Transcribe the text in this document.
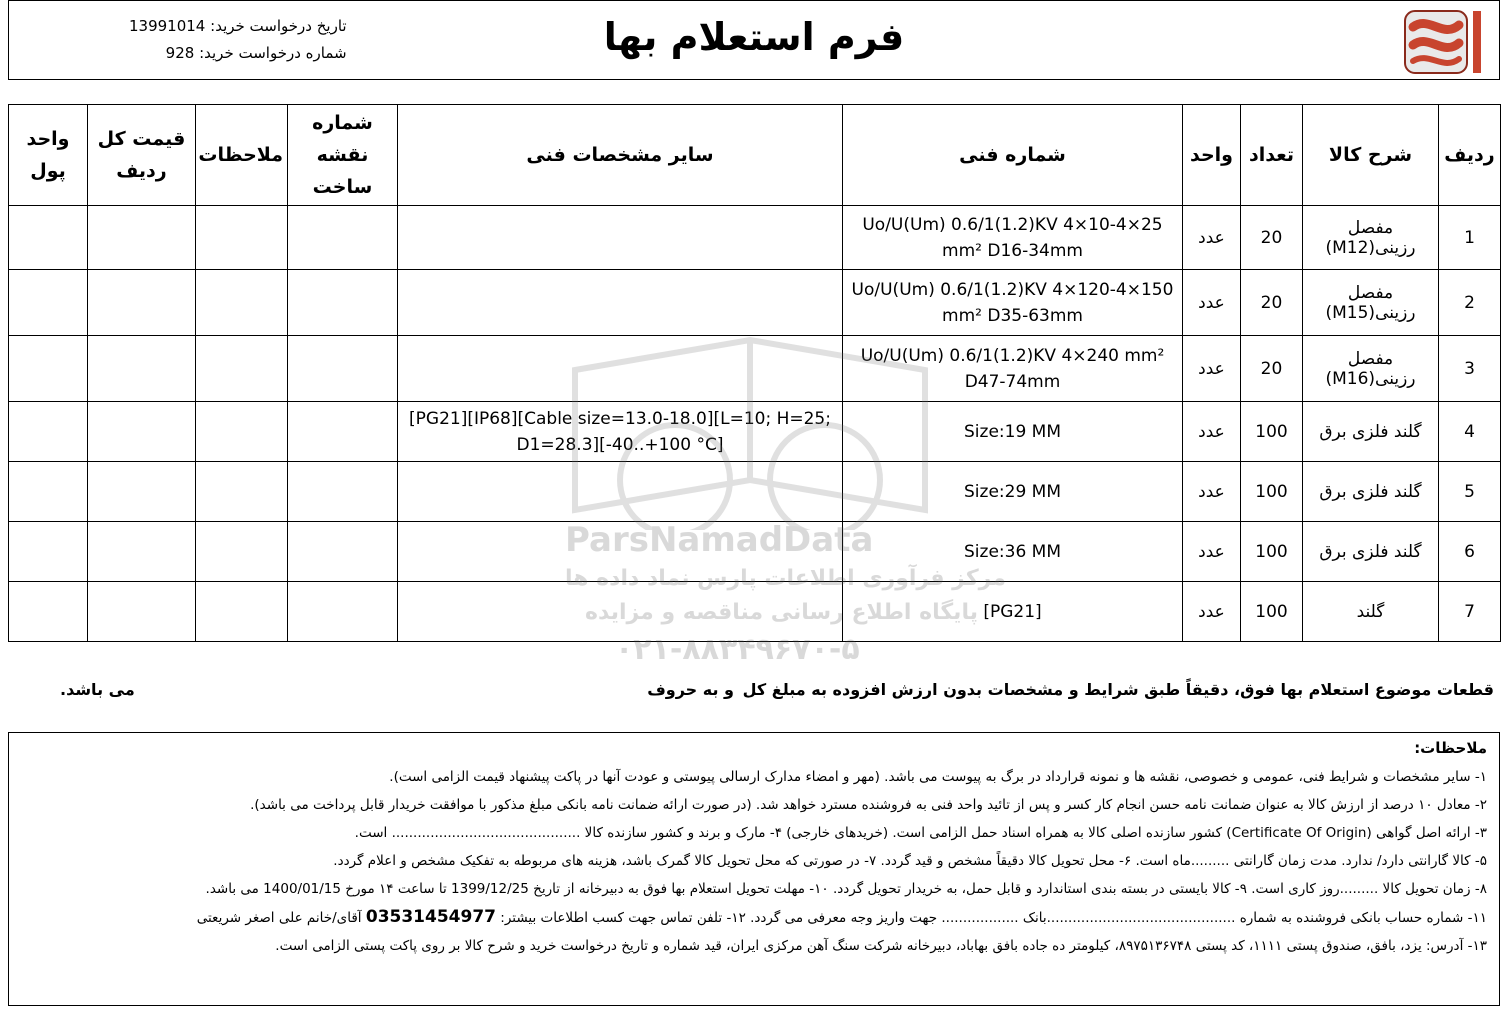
فرم استعلام بها
تاریخ درخواست خرید: 13991014
شماره درخواست خرید: 928
ردیف	شرح کالا	تعداد	واحد	شماره فنی	سایر مشخصات فنی	شماره نقشه ساخت	ملاحظات	قیمت کل ردیف	واحد پول
1	مفصل رزینی(M12)	20	عدد	Uo/U(Um) 0.6/1(1.2)KV 4×10-4×25 mm² D16-34mm					
2	مفصل رزینی(M15)	20	عدد	Uo/U(Um) 0.6/1(1.2)KV 4×120-4×150 mm² D35-63mm					
3	مفصل رزینی(M16)	20	عدد	Uo/U(Um) 0.6/1(1.2)KV 4×240 mm² D47-74mm					
4	گلند فلزی برق	100	عدد	Size:19 MM	[PG21][IP68][Cable size=13.0-18.0][L=10; H=25; D1=28.3][-40..+100 °C]				
5	گلند فلزی برق	100	عدد	Size:29 MM					
6	گلند فلزی برق	100	عدد	Size:36 MM					
7	گلند	100	عدد	[PG21]					
ParsNamadData
مرکز فرآوری اطلاعات پارس نماد داده ها
پایگاه اطلاع رسانی مناقصه و مزایده
۰۲۱-۸۸۳۴۹۶۷۰-۵
قطعات موضوع استعلام بها فوق، دقیقاً طبق شرایط و مشخصات بدون ارزش افزوده به مبلغ کل
و به حروف
می باشد.
ملاحظات:
۱- سایر مشخصات و شرایط فنی، عمومی و خصوصی، نقشه ها و نمونه قرارداد در برگ به پیوست می باشد. (مهر و امضاء مدارک ارسالی پیوستی و عودت آنها در پاکت پیشنهاد قیمت الزامی است).
۲- معادل ۱۰ درصد از ارزش کالا به عنوان ضمانت نامه حسن انجام کار کسر و پس از تائید واحد فنی به فروشنده مسترد خواهد شد. (در صورت ارائه ضمانت نامه بانکی مبلغ مذکور با موافقت خریدار قابل پرداخت می باشد).
۳- ارائه اصل گواهی (Certificate Of Origin) کشور سازنده اصلی کالا به همراه اسناد حمل الزامی است. (خریدهای خارجی) ۴- مارک و برند و کشور سازنده کالا ............................................ است.
۵- کالا گارانتی دارد/ ندارد. مدت زمان گارانتی .........ماه است. ۶- محل تحویل کالا دقیقاً مشخص و قید گردد. ۷- در صورتی که محل تحویل کالا گمرک باشد، هزینه های مربوطه به تفکیک مشخص و اعلام گردد.
۸- زمان تحویل کالا .........روز کاری است. ۹- کالا بایستی در بسته بندی استاندارد و قابل حمل، به خریدار تحویل گردد. ۱۰- مهلت تحویل استعلام بها فوق به دبیرخانه از تاریخ 1399/12/25 تا ساعت ۱۴ مورخ 1400/01/15 می باشد.
۱۱- شماره حساب بانکی فروشنده به شماره ............................................بانک .................. جهت واریز وجه معرفی می گردد. ۱۲- تلفن تماس جهت کسب اطلاعات بیشتر: 03531454977 آقای/خانم علی اصغر شریعتی
۱۳- آدرس: یزد، بافق، صندوق پستی ۱۱۱۱، کد پستی ۸۹۷۵۱۳۶۷۴۸، کیلومتر ده جاده بافق بهاباد، دبیرخانه شرکت سنگ آهن مرکزی ایران، قید شماره و تاریخ درخواست خرید و شرح کالا بر روی پاکت پستی الزامی است.
